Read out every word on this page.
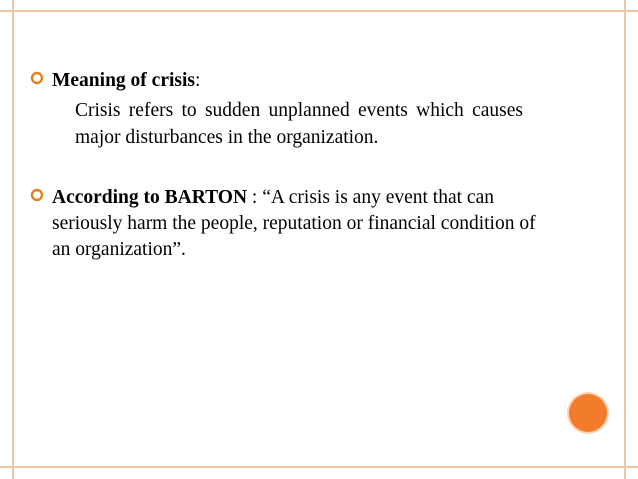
Meaning of crisis:
Crisis refers to sudden unplanned events which causes major disturbances in the organization.
According to BARTON : “A crisis is any event that can seriously harm the people, reputation or financial condition of an organization”.
